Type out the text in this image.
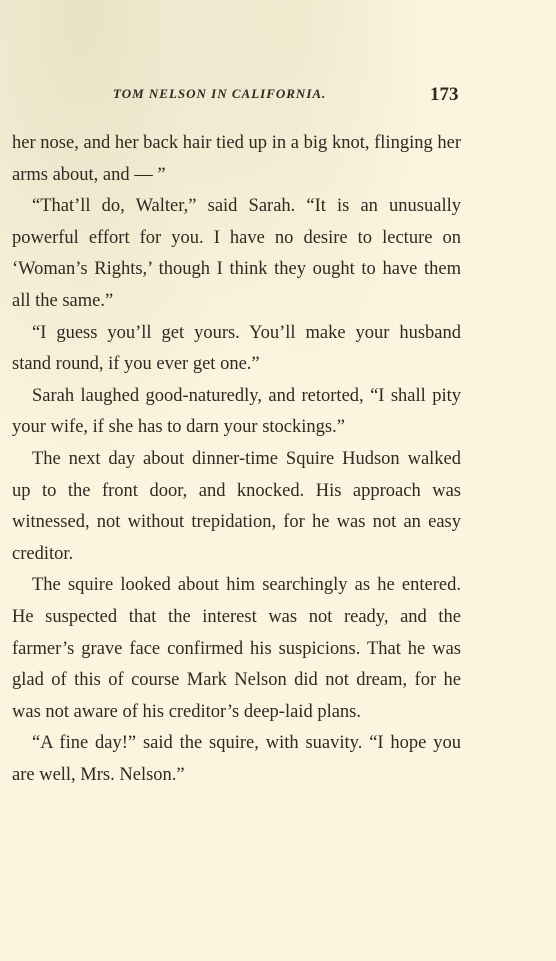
TOM NELSON IN CALIFORNIA.	173

her nose, and her back hair tied up in a big knot, flinging her arms about, and — ”

“That’ll do, Walter,” said Sarah. “It is an unusually powerful effort for you. I have no desire to lecture on ‘Woman’s Rights,’ though I think they ought to have them all the same.”

“I guess you’ll get yours. You’ll make your husband stand round, if you ever get one.”

Sarah laughed good-naturedly, and retorted, “I shall pity your wife, if she has to darn your stockings.”

The next day about dinner-time Squire Hudson walked up to the front door, and knocked. His approach was witnessed, not without trepidation, for he was not an easy creditor.

The squire looked about him searchingly as he entered. He suspected that the interest was not ready, and the farmer’s grave face confirmed his suspicions. That he was glad of this of course Mark Nelson did not dream, for he was not aware of his creditor’s deep-laid plans.

“A fine day!” said the squire, with suavity. “I hope you are well, Mrs. Nelson.”
